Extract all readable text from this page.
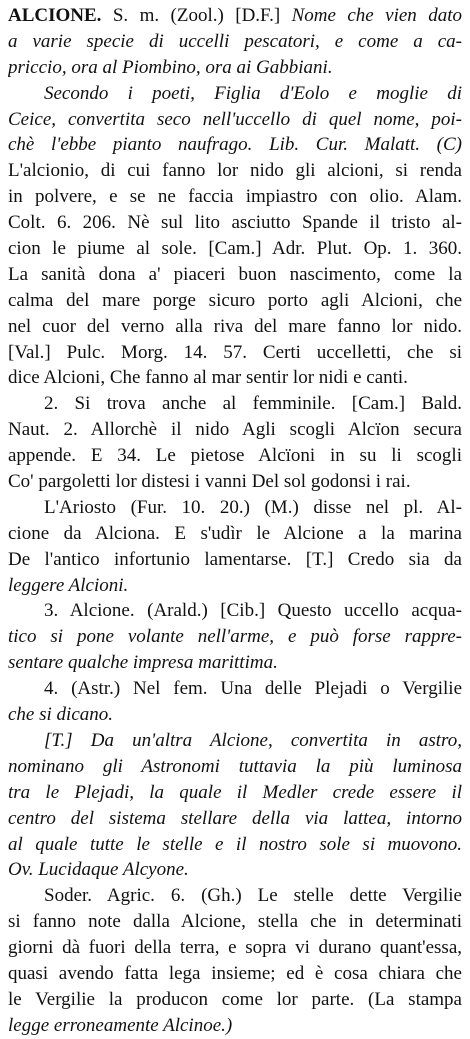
ALCIONE. S. m. (Zool.) [D.F.] Nome che vien dato
a varie specie di uccelli pescatori, e come a ca-
priccio, ora al Piombino, ora ai Gabbiani.
Secondo i poeti, Figlia d'Eolo e moglie di
Ceice, convertita seco nell'uccello di quel nome, poi-
chè l'ebbe pianto naufrago. Lib. Cur. Malatt. (C)
L'alcionio, di cui fanno lor nido gli alcioni, si renda
in polvere, e se ne faccia impiastro con olio. Alam.
Colt. 6. 206. Nè sul lito asciutto Spande il tristo al-
cion le piume al sole. [Cam.] Adr. Plut. Op. 1. 360.
La sanità dona a' piaceri buon nascimento, come la
calma del mare porge sicuro porto agli Alcioni, che
nel cuor del verno alla riva del mare fanno lor nido.
[Val.] Pulc. Morg. 14. 57. Certi uccelletti, che si
dice Alcioni, Che fanno al mar sentir lor nidi e canti.
2. Si trova anche al femminile. [Cam.] Bald.
Naut. 2. Allorchè il nido Agli scogli Alcïon secura
appende. E 34. Le pietose Alcïoni in su li scogli
Co' pargoletti lor distesi i vanni Del sol godonsi i rai.
L'Ariosto (Fur. 10. 20.) (M.) disse nel pl. Al-
cione da Alciona. E s'udìr le Alcione a la marina
De l'antico infortunio lamentarse. [T.] Credo sia da
leggere Alcioni.
3. Alcione. (Arald.) [Cib.] Questo uccello acqua-
tico si pone volante nell'arme, e può forse rappre-
sentare qualche impresa marittima.
4. (Astr.) Nel fem. Una delle Plejadi o Vergilie
che si dicano.
[T.] Da un'altra Alcione, convertita in astro,
nominano gli Astronomi tuttavia la più luminosa
tra le Plejadi, la quale il Medler crede essere il
centro del sistema stellare della via lattea, intorno
al quale tutte le stelle e il nostro sole si muovono.
Ov. Lucidaque Alcyone.
Soder. Agric. 6. (Gh.) Le stelle dette Vergilie
si fanno note dalla Alcione, stella che in determinati
giorni dà fuori della terra, e sopra vi durano quant'essa,
quasi avendo fatta lega insieme; ed è cosa chiara che
le Vergilie la producon come lor parte. (La stampa
legge erroneamente Alcinoe.)
